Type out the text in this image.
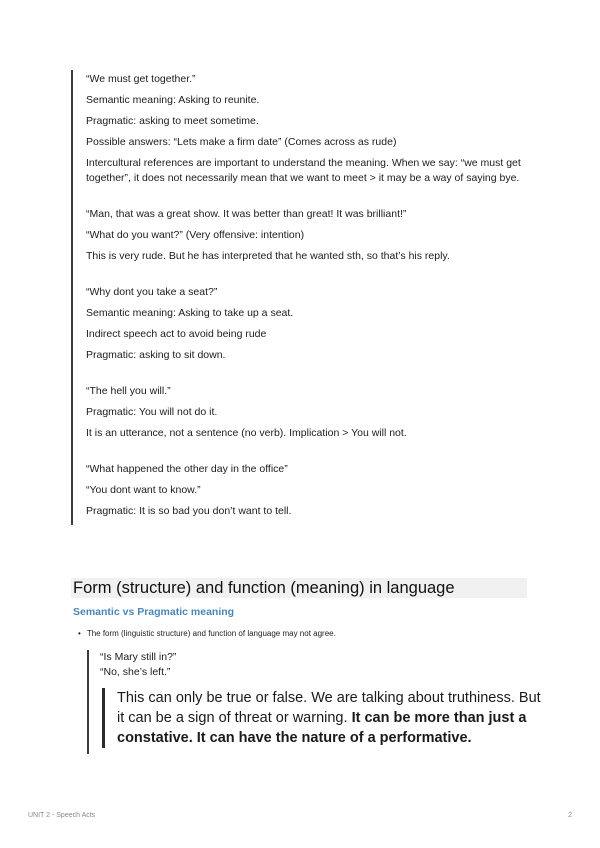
“We must get together.”

Semantic meaning: Asking to reunite.

Pragmatic: asking to meet sometime.

Possible answers: “Lets make a firm date” (Comes across as rude)

Intercultural references are important to understand the meaning. When we say: “we must get together”, it does not necessarily mean that we want to meet > it may be a way of saying bye.

“Man, that was a great show. It was better than great! It was brilliant!”

“What do you want?” (Very offensive: intention)

This is very rude. But he has interpreted that he wanted sth, so that’s his reply.

“Why dont you take a seat?”

Semantic meaning: Asking to take up a seat.

Indirect speech act to avoid being rude

Pragmatic: asking to sit down.

“The hell you will.”

Pragmatic: You will not do it.

It is an utterance, not a sentence (no verb). Implication > You will not.

“What happened the other day in the office”

“You dont want to know.”

Pragmatic: It is so bad you don’t want to tell.

Form (structure) and function (meaning) in language
Semantic vs Pragmatic meaning

• The form (linguistic structure) and function of language may not agree.

“Is Mary still in?”

“No, she’s left.”

This can only be true or false. We are talking about truthiness. But it can be a sign of threat or warning. It can be more than just a constative. It can have the nature of a performative.

UNIT 2 - Speech Acts	2
